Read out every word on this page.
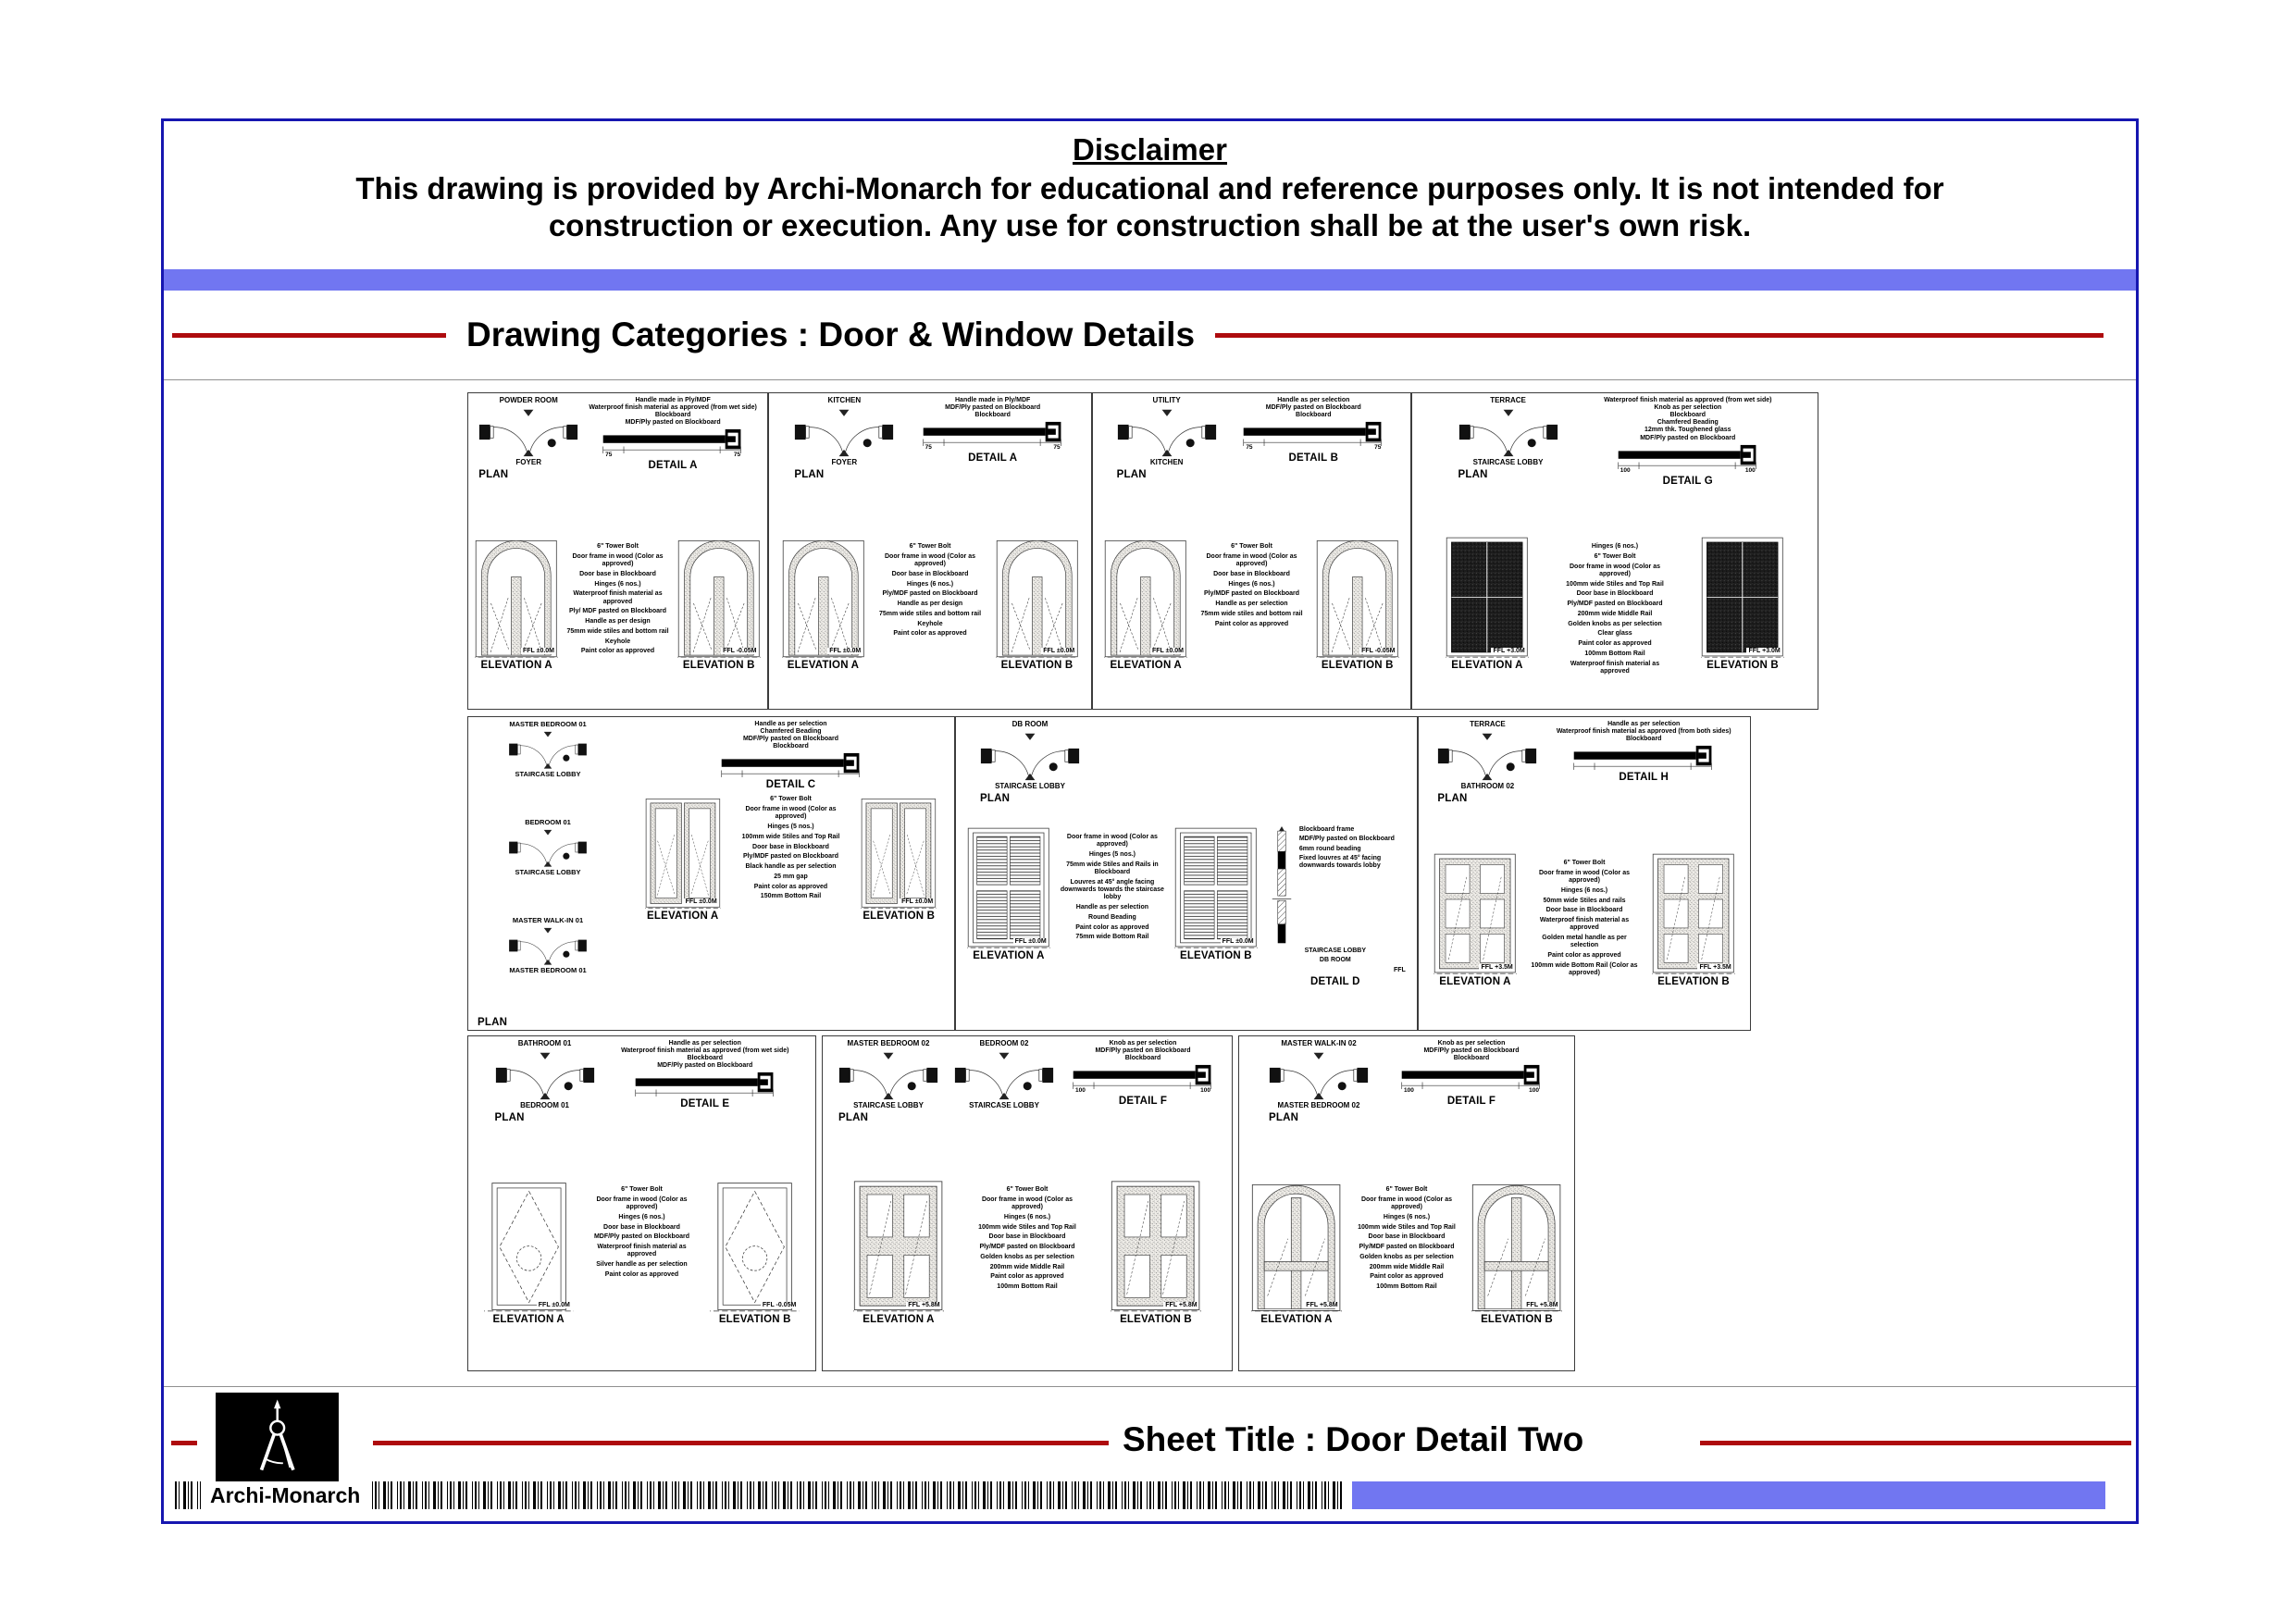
Disclaimer
This drawing is provided by Archi-Monarch for educational and reference purposes only. It is not intended for
construction or execution. Any use for construction shall be at the user's own risk.
Drawing Categories : Door & Window Details
POWDER ROOM
FOYER
PLAN
Handle made in Ply/MDF
Waterproof finish material as approved (from wet side)
Blockboard
MDF/Ply pasted on Blockboard
75	75
DETAIL A
FFL ±0.0M
ELEVATION A
6" Tower Bolt
Door frame in wood (Color as approved)
Door base in Blockboard
Hinges (6 nos.)
Waterproof finish material as approved
Ply/ MDF pasted on Blockboard
Handle as per design
75mm wide stiles and bottom rail
Keyhole
Paint color as approved	FFL -0.05M
ELEVATION B
KITCHEN
FOYER
PLAN
Handle made in Ply/MDF
MDF/Ply pasted on Blockboard
Blockboard
75	75
DETAIL A
FFL ±0.0M
ELEVATION A
6" Tower Bolt
Door frame in wood (Color as approved)
Door base in Blockboard
Hinges (6 nos.)
Ply/MDF pasted on Blockboard
Handle as per design
75mm wide stiles and bottom rail
Keyhole
Paint color as approved
FFL ±0.0M
ELEVATION B
UTILITY
KITCHEN
PLAN
Handle as per selection
MDF/Ply pasted on Blockboard
Blockboard
75	75
DETAIL B
FFL ±0.0M
ELEVATION A
6" Tower Bolt
Door frame in wood (Color as approved)
Door base in Blockboard
Hinges (6 nos.)
Ply/MDF pasted on Blockboard
Handle as per selection
75mm wide stiles and bottom rail
Paint color as approved
FFL -0.05M
ELEVATION B
TERRACE
STAIRCASE LOBBY
PLAN
Waterproof finish material as approved (from wet side)
Knob as per selection
Blockboard
Chamfered Beading
12mm thk. Toughened glass
MDF/Ply pasted on Blockboard
100	100
DETAIL G
FFL +3.0M
ELEVATION A
Hinges (6 nos.)
6" Tower Bolt
Door frame in wood (Color as approved)
100mm wide Stiles and Top Rail
Door base in Blockboard
Ply/MDF pasted on Blockboard
200mm wide Middle Rail
Golden knobs as per selection
Clear glass
Paint color as approved
100mm Bottom Rail
Waterproof finish material as approved
FFL +3.0M
ELEVATION B
MASTER BEDROOM 01
STAIRCASE LOBBY
BEDROOM 01
STAIRCASE LOBBY
MASTER WALK-IN 01
MASTER BEDROOM 01
PLAN
Handle as per selection
Chamfered Beading
MDF/Ply pasted on Blockboard
Blockboard
DETAIL C
FFL ±0.0M
ELEVATION A
6" Tower Bolt
Door frame in wood (Color as approved)
Hinges (5 nos.)
100mm wide Stiles and Top Rail
Door base in Blockboard
Ply/MDF pasted on Blockboard
Black handle as per selection
25 mm gap
Paint color as approved
150mm Bottom Rail
FFL ±0.0M
ELEVATION B
DB ROOM
STAIRCASE LOBBY
PLAN
FFL ±0.0M
ELEVATION A
Door frame in wood (Color as approved)
Hinges (5 nos.)
75mm wide Stiles and Rails in Blockboard
Louvres at 45° angle facing downwards towards the staircase lobby
Handle as per selection
Round Beading
Paint color as approved
75mm wide Bottom Rail
FFL ±0.0M
ELEVATION B
Blockboard frame
MDF/Ply pasted on Blockboard
6mm round beading
Fixed louvres at 45° facing downwards towards lobby
STAIRCASE LOBBY
DB ROOM
FFL
DETAIL D
TERRACE
BATHROOM 02
PLAN
Handle as per selection
Waterproof finish material as approved (from both sides)
Blockboard
DETAIL H
FFL +3.5M
ELEVATION A
6" Tower Bolt
Door frame in wood (Color as approved)
Hinges (6 nos.)
50mm wide Stiles and rails
Door base in Blockboard
Waterproof finish material as approved
Golden metal handle as per selection
Paint color as approved
100mm wide Bottom Rail (Color as approved)
FFL +3.5M
ELEVATION B
BATHROOM 01
BEDROOM 01
PLAN
Handle as per selection
Waterproof finish material as approved (from wet side)
Blockboard
MDF/Ply pasted on Blockboard
DETAIL E
FFL ±0.0M
ELEVATION A
6" Tower Bolt
Door frame in wood (Color as approved)
Hinges (6 nos.)
Door base in Blockboard
MDF/Ply pasted on Blockboard
Waterproof finish material as approved
Silver handle as per selection
Paint color as approved
FFL -0.05M
ELEVATION B
MASTER BEDROOM 02
STAIRCASE LOBBY
PLAN
BEDROOM 02
STAIRCASE LOBBY
Knob as per selection
MDF/Ply pasted on Blockboard
Blockboard
100	100
DETAIL F
FFL +5.8M
ELEVATION A
6" Tower Bolt
Door frame in wood (Color as approved)
Hinges (6 nos.)
100mm wide Stiles and Top Rail
Door base in Blockboard
Ply/MDF pasted on Blockboard
Golden knobs as per selection
200mm wide Middle Rail
Paint color as approved
100mm Bottom Rail
FFL +5.8M
ELEVATION B
MASTER WALK-IN 02
MASTER BEDROOM 02
PLAN
Knob as per selection
MDF/Ply pasted on Blockboard
Blockboard
100	100
DETAIL F
FFL +5.8M
ELEVATION A
6" Tower Bolt
Door frame in wood (Color as approved)
Hinges (6 nos.)
100mm wide Stiles and Top Rail
Door base in Blockboard
Ply/MDF pasted on Blockboard
Golden knobs as per selection
200mm wide Middle Rail
Paint color as approved
100mm Bottom Rail
FFL +5.8M
ELEVATION B
Sheet Title : Door Detail Two
Archi-Monarch
